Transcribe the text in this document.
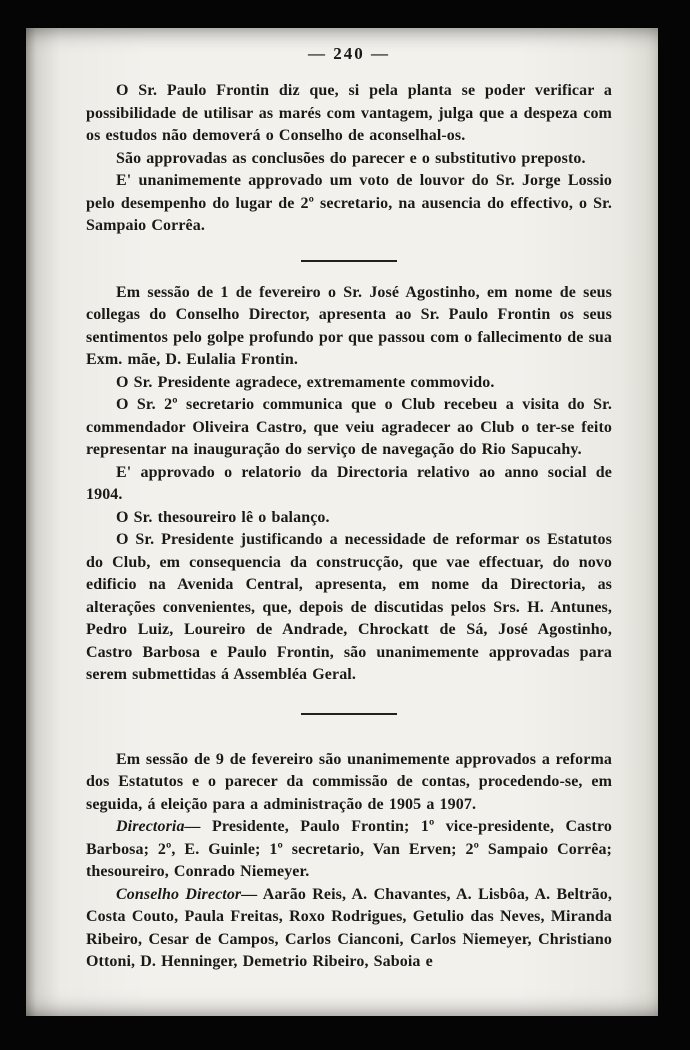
— 240 —

O Sr. Paulo Frontin diz que, si pela planta se poder verificar a possibilidade de utilisar as marés com vantagem, julga que a despeza com os estudos não demoverá o Conselho de aconselhal-os.

São approvadas as conclusões do parecer e o substitutivo preposto.

E' unanimemente approvado um voto de louvor do Sr. Jorge Lossio pelo desempenho do lugar de 2º secretario, na ausencia do effectivo, o Sr. Sampaio Corrêa.

Em sessão de 1 de fevereiro o Sr. José Agostinho, em nome de seus collegas do Conselho Director, apresenta ao Sr. Paulo Frontin os seus sentimentos pelo golpe profundo por que passou com o fallecimento de sua Exm. mãe, D. Eulalia Frontin.

O Sr. Presidente agradece, extremamente commovido.

O Sr. 2º secretario communica que o Club recebeu a visita do Sr. commendador Oliveira Castro, que veiu agradecer ao Club o ter-se feito representar na inauguração do serviço de navegação do Rio Sapucahy.

E' approvado o relatorio da Directoria relativo ao anno social de 1904.

O Sr. thesoureiro lê o balanço.

O Sr. Presidente justificando a necessidade de reformar os Estatutos do Club, em consequencia da construcção, que vae effectuar, do novo edificio na Avenida Central, apresenta, em nome da Directoria, as alterações convenientes, que, depois de discutidas pelos Srs. H. Antunes, Pedro Luiz, Loureiro de Andrade, Chrockatt de Sá, José Agostinho, Castro Barbosa e Paulo Frontin, são unanimemente approvadas para serem submettidas á Assembléa Geral.

Em sessão de 9 de fevereiro são unanimemente approvados a reforma dos Estatutos e o parecer da commissão de contas, procedendo-se, em seguida, á eleição para a administração de 1905 a 1907.

Directoria— Presidente, Paulo Frontin; 1º vice-presidente, Castro Barbosa; 2º, E. Guinle; 1º secretario, Van Erven; 2º Sampaio Corrêa; thesoureiro, Conrado Niemeyer.

Conselho Director— Aarão Reis, A. Chavantes, A. Lisbôa, A. Beltrão, Costa Couto, Paula Freitas, Roxo Rodrigues, Getulio das Neves, Miranda Ribeiro, Cesar de Campos, Carlos Cianconi, Carlos Niemeyer, Christiano Ottoni, D. Henninger, Demetrio Ribeiro, Saboia e
